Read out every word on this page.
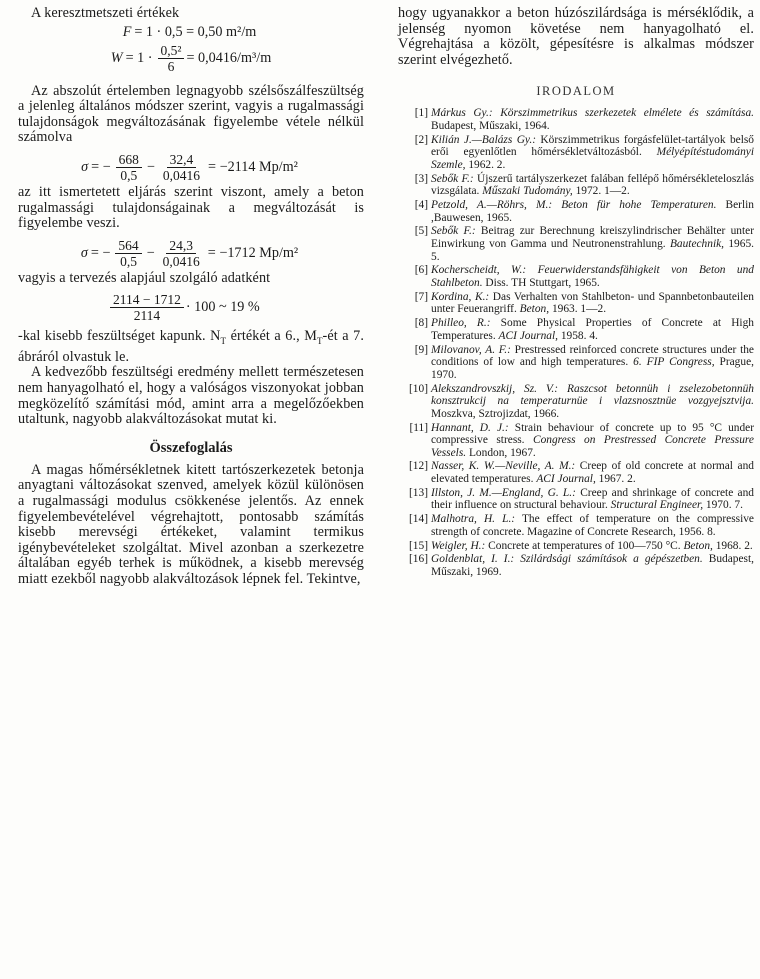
A keresztmetszeti értékek

F = 1 · 0,5 = 0,50 m²/m
$W = 1 \cdot \frac{\text{0,5²}}{6} = 0,0416/m^3/m$

Az abszolút értelemben legnagyobb szélsőszálfeszültség a jelenleg általános módszer szerint, vagyis a rugalmassági tulajdonságok megváltozásának figyelembe vétele nélkül számolva

σ = − $\frac{668}{0,5} - \frac{32,4}{0,0416} = -2114$ Mp/m²

az itt ismertetett eljárás szerint viszont, amely a beton rugalmassági tulajdonságainak a megváltozását is figyelembe veszi.

σ = − $\frac{564}{0,5} - \frac{24,3}{0,0416} = -1712$ Mp/m²

vagyis a tervezés alapjául szolgáló adatként

$\frac{2114 - 1712}{2114} \cdot 100$ ~ 19 %

-kal kisebb feszültséget kapunk. $N_T$ értékét a 6., $M_T-ét$ a 7. ábráról olvastuk le.

A kedvezőbb feszültségi eredmény mellett természetesen nem hanyagolható el, hogy a valóságos viszonyokat jobban megközelítő számítási mód, amint arra a megelőzőekben utaltunk, nagyobb alakváltozásokat mutat ki.

Összefoglalás

A magas hőmérsékletnek kitett tartószerkezetek betonja anyagtani változásokat szenved, amelyek közül különösen a rugalmassági modulus csökkenése jelentős. Az ennek figyelembevételével végrehajtott, pontosabb számítás kisebb merevségi értékeket, valamint termikus igénybevételeket szolgáltat. Mivel azonban a szerkezetre általában egyéb terhek is működnek, a kisebb merevség miatt ezekből nagyobb alakváltozások lépnek fel. Tekintve,

hogy ugyanakkor a beton húzószilárdsága is mérséklődik, a jelenség nyomon követése nem hanyagolható el. Végrehajtása a közölt, gépesítésre is alkalmas módszer szerint elvégezhető.

IRODALOM
[1] Márkus Gy.: Körszimmetrikus szerkezetek elmélete és számítása. Budapest, Műszaki, 1964.
[2] Kilián J.—Balázs Gy.: Körszimmetrikus forgásfelület-tartályok belső erői egyenlőtlen hőmérsékletváltozásból. Mélyépítéstudományi Szemle, 1962. 2.
[3] Sebők F.: Újszerű tartályszerkezet falában fellépő hőmérsékleteloszlás vizsgálata. Műszaki Tudomány, 1972. 1—2.
[4] Petzold, A.—Röhrs, M.: Beton für hohe Temperaturen. Berlin ,Bauwesen, 1965.
[5] Sebők F.: Beitrag zur Berechnung kreiszylindrischer Behälter unter Einwirkung von Gamma und Neutronenstrahlung. Bautechnik, 1965. 5.
[6] Kocherscheidt, W.: Feuerwiderstandsfähigkeit von Beton und Stahlbeton. Diss. TH Stuttgart, 1965.
[7] Kordina, K.: Das Verhalten von Stahlbeton- und Spannbetonbauteilen unter Feuerangriff. Beton, 1963. 1—2.
[8] Philleo, R.: Some Physical Properties of Concrete at High Temperatures. ACI Journal, 1958. 4.
[9] Milovanov, A. F.: Prestressed reinforced concrete structures under the conditions of low and high temperatures. 6. FIP Congress, Prague, 1970.
[10] Alekszandrovszkij, Sz. V.: Raszcsot betonnüh i zselezobetonnüh konsztrukcij na temperaturnüe i vlazsnosztnüe vozgyejsztvija. Moszkva, Sztrojizdat, 1966.
[11] Hannant, D. J.: Strain behaviour of concrete up to 95 °C under compressive stress. Congress on Prestressed Concrete Pressure Vessels. London, 1967.
[12] Nasser, K. W.—Neville, A. M.: Creep of old concrete at normal and elevated temperatures. ACI Journal, 1967. 2.
[13] Illston, J. M.—England, G. L.: Creep and shrinkage of concrete and their influence on structural behaviour. Structural Engineer, 1970. 7.
[14] Malhotra, H. L.: The effect of temperature on the compressive strength of concrete. Magazine of Concrete Research, 1956. 8.
[15] Weigler, H.: Concrete at temperatures of 100—750 °C. Beton, 1968. 2.
[16] Goldenblat, I. I.: Szilárdsági számítások a gépészetben. Budapest, Műszaki, 1969.
